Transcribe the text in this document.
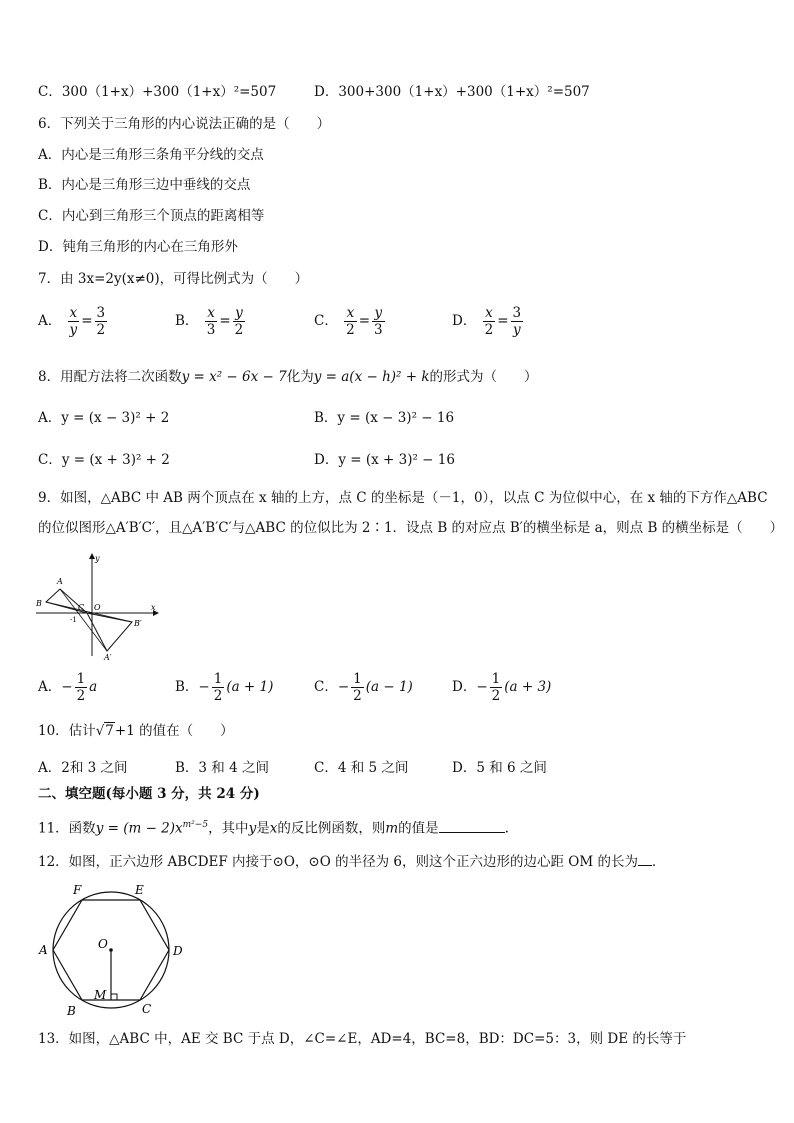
C．300（1+x）+300（1+x）²=507	D．300+300（1+x）+300（1+x）²=507
6．下列关于三角形的内心说法正确的是（　　）
A．内心是三角形三条角平分线的交点
B．内心是三角形三边中垂线的交点
C．内心到三角形三个顶点的距离相等
D．钝角三角形的内心在三角形外
7．由 3x=2y(x≠0)，可得比例式为（　　）
A． $\frac{x}{y} = \frac{3}{2}$	B． $\frac{x}{3} = \frac{y}{2}$	C． $\frac{x}{2} = \frac{y}{3}$	D． $\frac{x}{2} = \frac{3}{y}$
8．用配方法将二次函数y = x² − 6x − 7化为y = a(x − h)² + k的形式为（　　）
A．y = (x − 3)² + 2	B．y = (x − 3)² − 16
C．y = (x + 3)² + 2	D．y = (x + 3)² − 16
9．如图，△ABC 中 AB 两个顶点在 x 轴的上方，点 C 的坐标是（－1，0），以点 C 为位似中心，在 x 轴的下方作△ABC
的位似图形△A′B′C′，且△A′B′C′与△ABC 的位似比为 2∶1．设点 B 的对应点 B′的横坐标是 a，则点 B 的横坐标是（　　）
y
x
A
B	C O
-1	B′
A′
A．− $\frac{1}{2}$ a	B．− $\frac{1}{2} (a + 1)$	C．− $\frac{1}{2} (a - 1)$	D．− $\frac{1}{2} (a + 3)$
10．估计√7+1 的值在（　　）
A．2和 3 之间	B．3 和 4 之间	C．4 和 5 之间	D．5 和 6 之间
二、填空题(每小题 3 分，共 24 分)
11．函数$y = (m - 2)x^{m^2-5}$，其中y是x的反比例函数，则m的值是	.
12．如图，正六边形 ABCDEF 内接于⊙O，⊙O 的半径为 6，则这个正六边形的边心距 OM 的长为 ．
A
B	C
D
E
F
O
M
13．如图，△ABC 中，AE 交 BC 于点 D，∠C=∠E，AD=4，BC=8，BD：DC=5：3，则 DE 的长等于
